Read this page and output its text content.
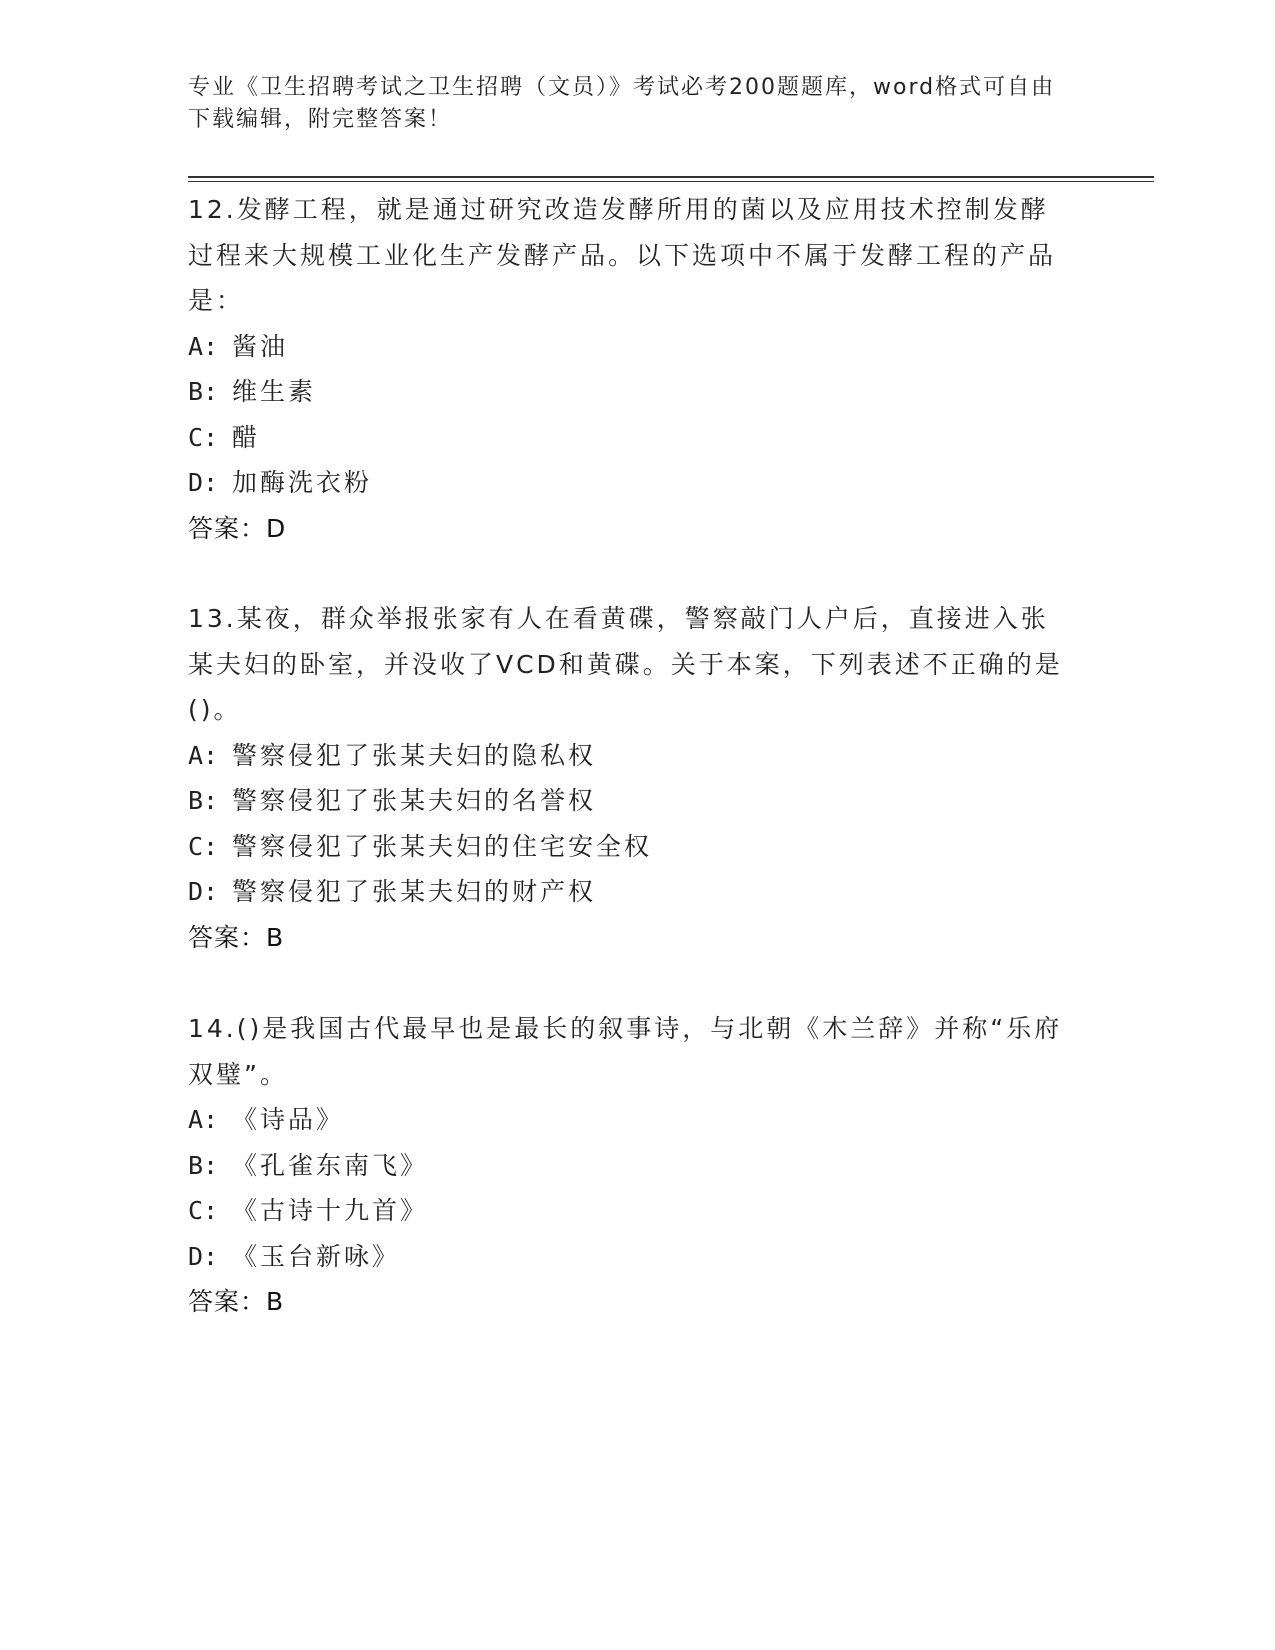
专业《卫生招聘考试之卫生招聘（文员）》考试必考200题题库，word格式可自由下载编辑，附完整答案！

12.发酵工程，就是通过研究改造发酵所用的菌以及应用技术控制发酵过程来大规模工业化生产发酵产品。以下选项中不属于发酵工程的产品是：

A: 酱油
B: 维生素
C: 醋
D: 加酶洗衣粉
答案：D

13.某夜，群众举报张家有人在看黄碟，警察敲门人户后，直接进入张某夫妇的卧室，并没收了VCD和黄碟。关于本案，下列表述不正确的是()。

A: 警察侵犯了张某夫妇的隐私权
B: 警察侵犯了张某夫妇的名誉权
C: 警察侵犯了张某夫妇的住宅安全权
D: 警察侵犯了张某夫妇的财产权
答案：B

14.()是我国古代最早也是最长的叙事诗，与北朝《木兰辞》并称“乐府双璧”。

A: 《诗品》
B: 《孔雀东南飞》
C: 《古诗十九首》
D: 《玉台新咏》
答案：B
